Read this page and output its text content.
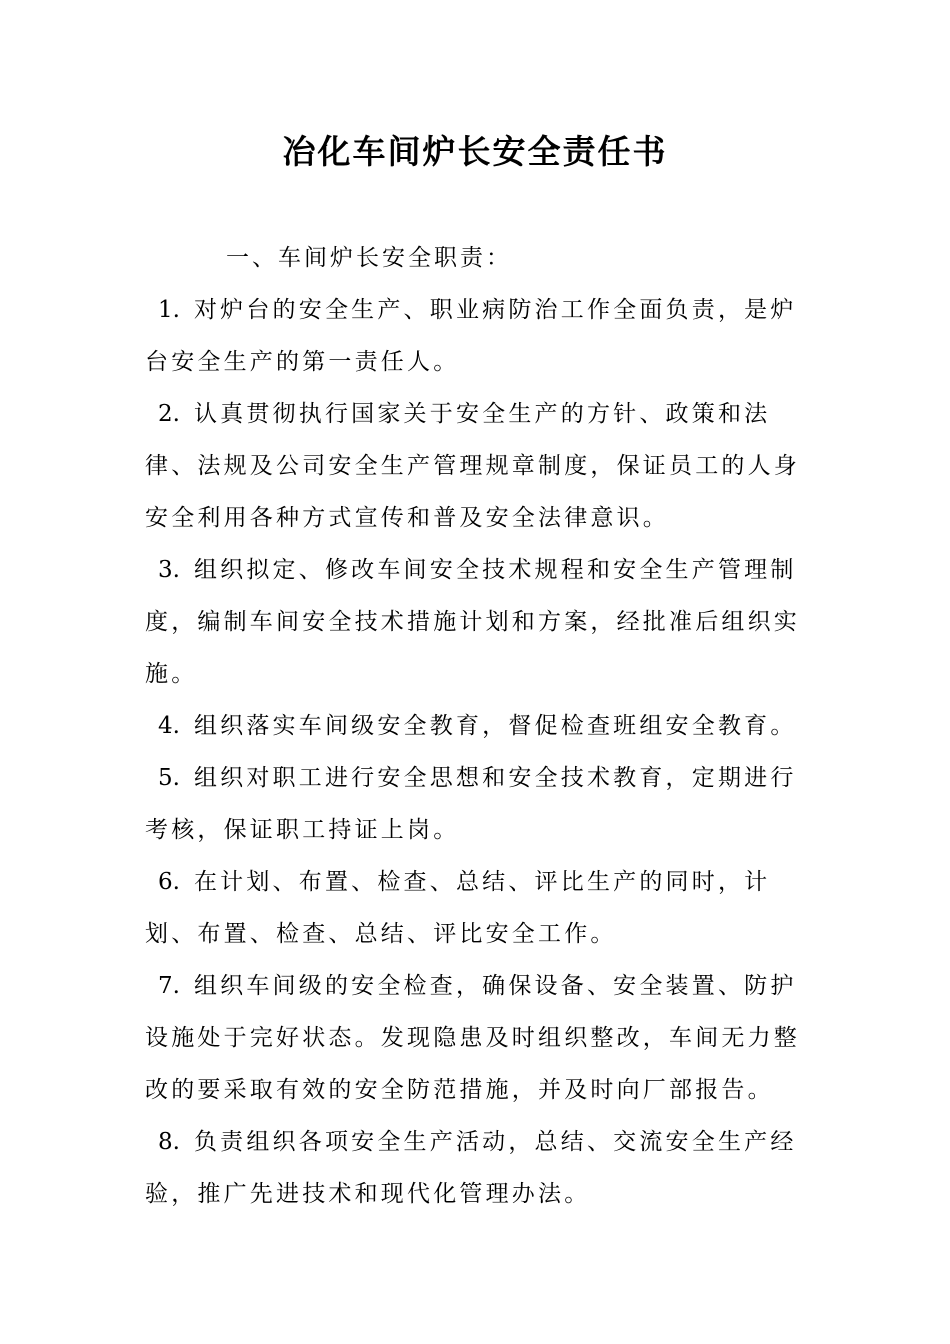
冶化车间炉长安全责任书
一、车间炉长安全职责：

1. 对炉台的安全生产、职业病防治工作全面负责，是炉台安全生产的第一责任人。

2. 认真贯彻执行国家关于安全生产的方针、政策和法律、法规及公司安全生产管理规章制度，保证员工的人身安全利用各种方式宣传和普及安全法律意识。

3. 组织拟定、修改车间安全技术规程和安全生产管理制度，编制车间安全技术措施计划和方案，经批准后组织实施。

4. 组织落实车间级安全教育，督促检查班组安全教育。

5. 组织对职工进行安全思想和安全技术教育，定期进行考核，保证职工持证上岗。

6. 在计划、布置、检查、总结、评比生产的同时，计划、布置、检查、总结、评比安全工作。

7. 组织车间级的安全检查，确保设备、安全装置、防护设施处于完好状态。发现隐患及时组织整改，车间无力整改的要采取有效的安全防范措施，并及时向厂部报告。

8. 负责组织各项安全生产活动，总结、交流安全生产经验，推广先进技术和现代化管理办法。
